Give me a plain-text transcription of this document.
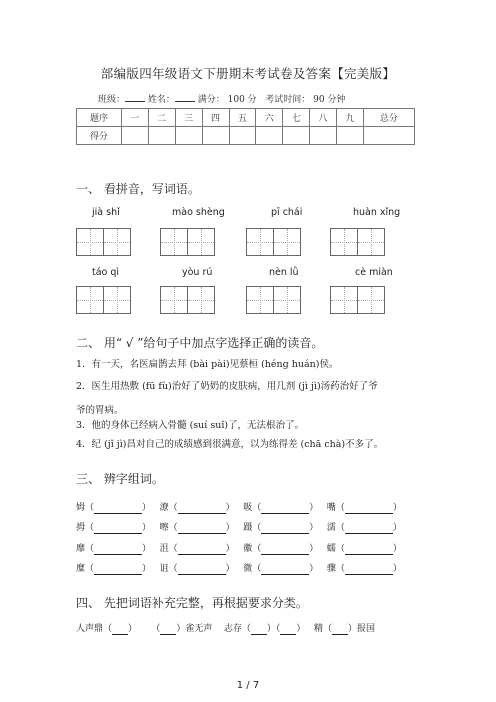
部编版四年级语文下册期末考试卷及答案【完美版】
班级：	姓名：	满分： 100 分 考试时间： 90 分钟
题序	一	二	三	四	五	六	七	八	九	总分
得分										
一、 看拼音，写词语。
jià shǐ	mào shèng	pī chái	huàn xǐng
táo qì	yòu rú	nèn lǜ	cè miàn
二、 用“ √ ”给句子中加点字选择正确的读音。
1．有一天，名医扁鹊去拜 (bài pài)见蔡桓 (héng huán)侯。
2．医生用热敷 (fū fù)治好了奶奶的皮肤病，用几剂 (jì jì)汤药治好了爷
爷的胃病。
3．他的身体已经病入骨髓 (suí suǐ)了，无法根治了。
4．纪 (jǐ jì)昌对自己的成绩感到很满意，以为练得差 (chā chà)不多了。
三、 辨字组词。
姆（	）   潦（	）   吸（	）   嘴（	）
拇（	）   嚓（	）   蹑（	）   濡（	）
靡（	）   沮（	）   徽（	）   蠕（	）
糜（	）   诅（	）   微（	）   骤（	）
四、 先把词语补充完整，再根据要求分类。
人声鼎（ ）     （ ）雀无声 志存（ ）（ ）   精（ ）报国
1 / 7
